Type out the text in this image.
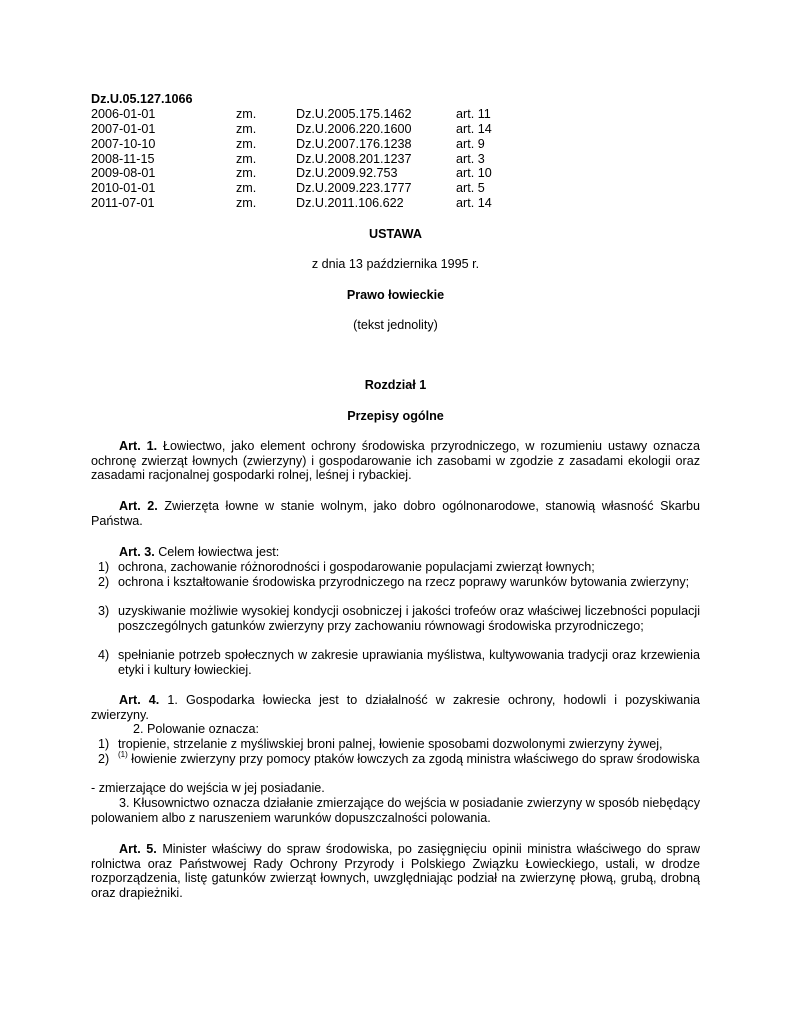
Dz.U.05.127.1066
2006-01-01	zm.	Dz.U.2005.175.1462	art. 11
2007-01-01	zm.	Dz.U.2006.220.1600	art. 14
2007-10-10	zm.	Dz.U.2007.176.1238	art. 9
2008-11-15	zm.	Dz.U.2008.201.1237	art. 3
2009-08-01	zm.	Dz.U.2009.92.753	art. 10
2010-01-01	zm.	Dz.U.2009.223.1777	art. 5
2011-07-01	zm.	Dz.U.2011.106.622	art. 14
USTAWA
z dnia 13 października 1995 r.
Prawo łowieckie
(tekst jednolity)
Rozdział 1
Przepisy ogólne
Art. 1. Łowiectwo, jako element ochrony środowiska przyrodniczego, w rozumieniu ustawy oznacza ochronę zwierząt łownych (zwierzyny) i gospodarowanie ich zasobami w zgodzie z zasadami ekologii oraz zasadami racjonalnej gospodarki rolnej, leśnej i rybackiej.
Art. 2. Zwierzęta łowne w stanie wolnym, jako dobro ogólnonarodowe, stanowią własność Skarbu Państwa.
Art. 3. Celem łowiectwa jest:
1) ochrona, zachowanie różnorodności i gospodarowanie populacjami zwierząt łownych;
2) ochrona i kształtowanie środowiska przyrodniczego na rzecz poprawy warunków bytowania zwierzyny;
3) uzyskiwanie możliwie wysokiej kondycji osobniczej i jakości trofeów oraz właściwej liczebności populacji poszczególnych gatunków zwierzyny przy zachowaniu równowagi środowiska przyrodniczego;
4) spełnianie potrzeb społecznych w zakresie uprawiania myślistwa, kultywowania tradycji oraz krzewienia etyki i kultury łowieckiej.
Art. 4. 1. Gospodarka łowiecka jest to działalność w zakresie ochrony, hodowli i pozyskiwania zwierzyny.
2. Polowanie oznacza:
1) tropienie, strzelanie z myśliwskiej broni palnej, łowienie sposobami dozwolonymi zwierzyny żywej,
2) $^{(1)}$ łowienie zwierzyny przy pomocy ptaków łowczych za zgodą ministra właściwego do spraw środowiska
- zmierzające do wejścia w jej posiadanie.
3. Kłusownictwo oznacza działanie zmierzające do wejścia w posiadanie zwierzyny w sposób niebędący polowaniem albo z naruszeniem warunków dopuszczalności polowania.
Art. 5. Minister właściwy do spraw środowiska, po zasięgnięciu opinii ministra właściwego do spraw rolnictwa oraz Państwowej Rady Ochrony Przyrody i Polskiego Związku Łowieckiego, ustali, w drodze rozporządzenia, listę gatunków zwierząt łownych, uwzględniając podział na zwierzynę płową, grubą, drobną oraz drapieżniki.
